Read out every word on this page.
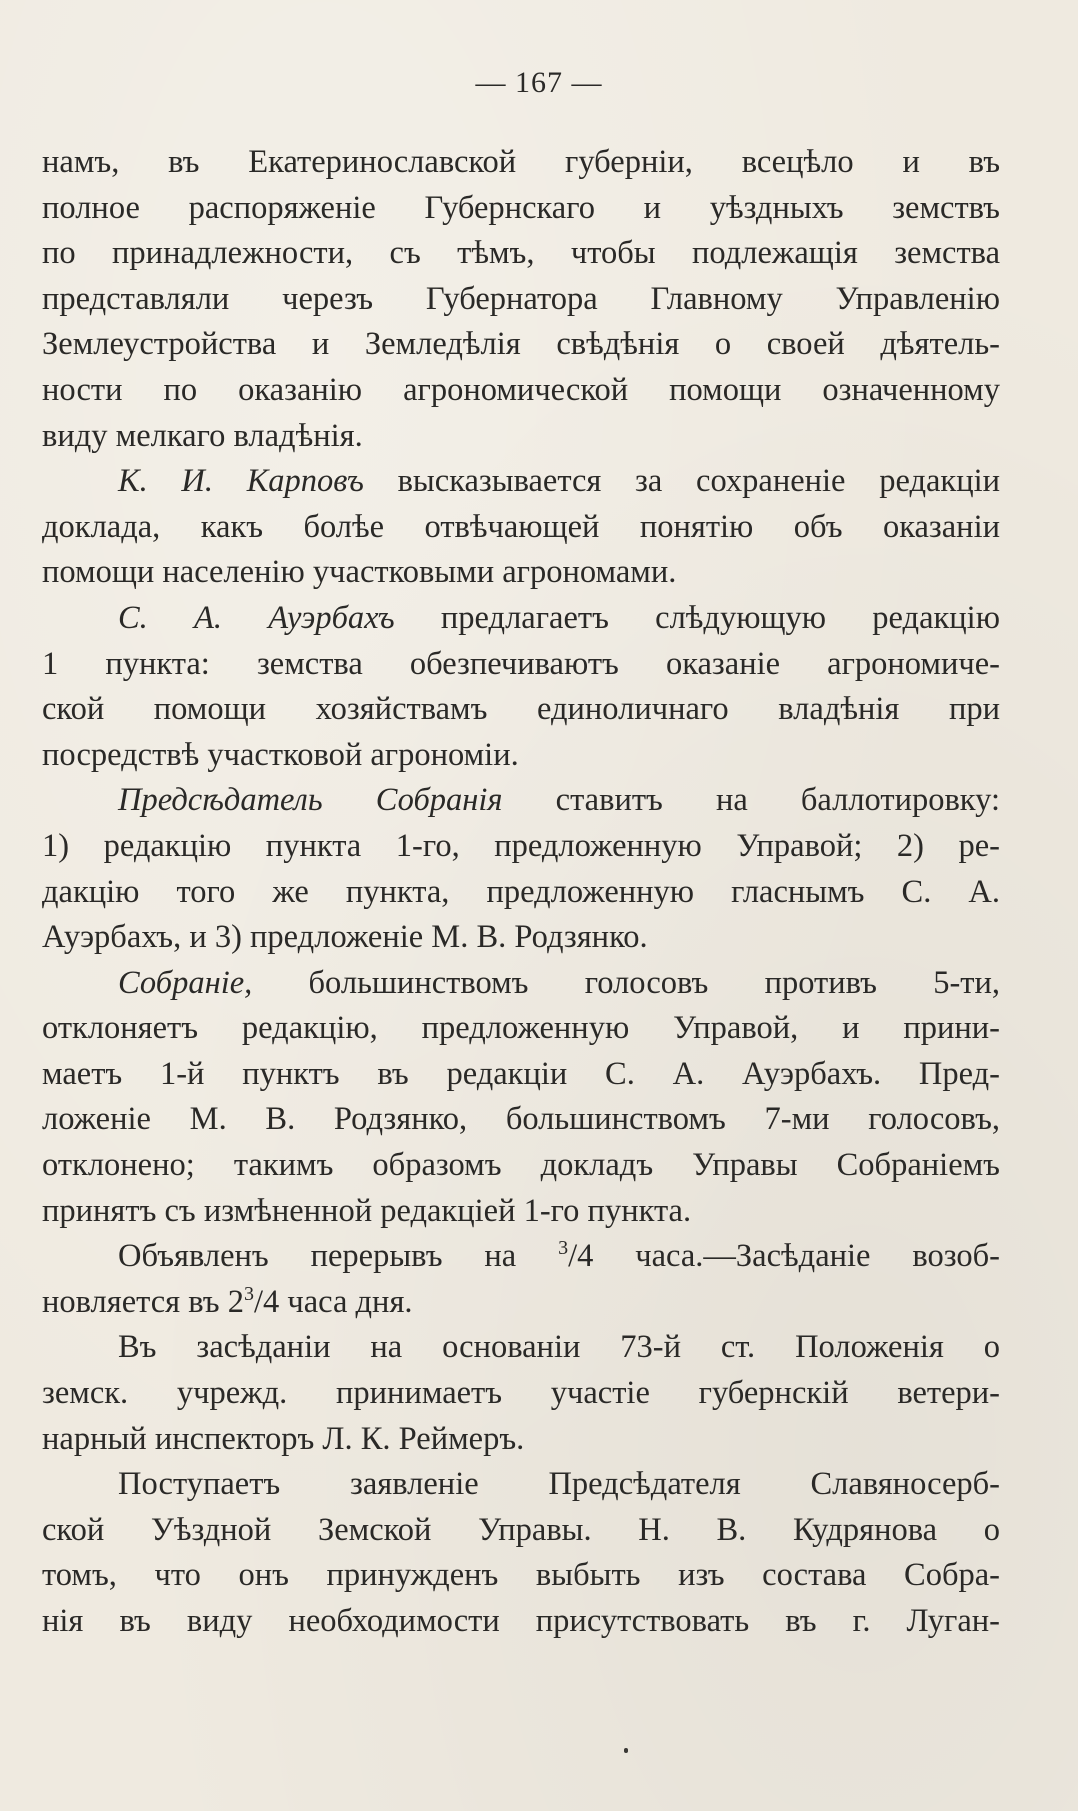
— 167 —

намъ, въ Екатеринославской губерніи, всецѣло и въ
полное распоряженіе Губернскаго и уѣздныхъ земствъ
по принадлежности, съ тѣмъ, чтобы подлежащія земства
представляли черезъ Губернатора Главному Управленію
Землеустройства и Земледѣлія свѣдѣнія о своей дѣятель-
ности по оказанію агрономической помощи означенному

виду мелкаго владѣнія.

К. И. Карповъ высказывается за сохраненіе редакціи

доклада, какъ болѣе отвѣчающей понятію объ оказаніи

помощи населенію участковыми агрономами.

С. А. Ауэрбахъ предлагаетъ слѣдующую редакцію

1 пункта: земства обезпечиваютъ оказаніе агрономиче-
ской помощи хозяйствамъ единоличнаго владѣнія при

посредствѣ участковой агрономіи.

Предсѣдатель Собранія ставитъ на баллотировку:

1) редакцію пункта 1-го, предложенную Управой; 2) ре-
дакцію того же пункта, предложенную гласнымъ С. А.

Ауэрбахъ, и 3) предложеніе М. В. Родзянко.

Собраніе, большинствомъ голосовъ противъ 5-ти,

отклоняетъ редакцію, предложенную Управой, и прини-
маетъ 1-й пунктъ въ редакціи С. А. Ауэрбахъ. Пред-
ложеніе М. В. Родзянко, большинствомъ 7-ми голосовъ,
отклонено; такимъ образомъ докладъ Управы Собраніемъ

принятъ съ измѣненной редакціей 1-го пункта.

Объявленъ перерывъ на $^3$/4 часа.—Засѣданіе возоб-

новляется въ $2^3/4$ часа дня.

Въ засѣданіи на основаніи 73-й ст. Положенія о

земск. учрежд. принимаетъ участіе губернскій ветери-

нарный инспекторъ Л. К. Реймеръ.

Поступаетъ заявленіе Предсѣдателя Славяносерб-

ской Уѣздной Земской Управы. Н. В. Кудрянова о
томъ, что онъ принужденъ выбыть изъ состава Собра-
нія въ виду необходимости присутствовать въ г. Луган-
